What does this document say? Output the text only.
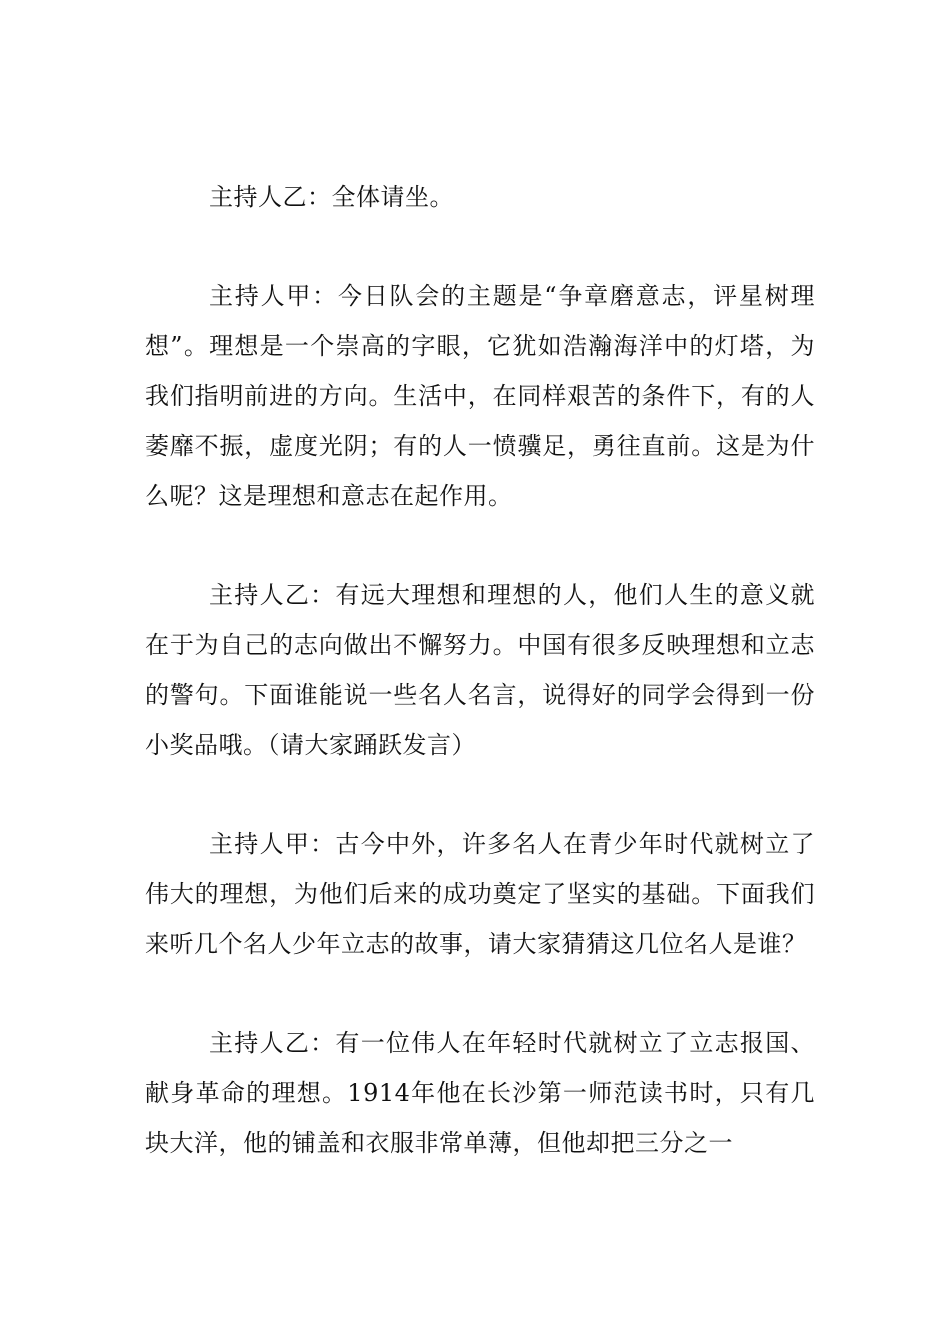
主持人乙：全体请坐。

主持人甲：今日队会的主题是“争章磨意志，评星树理想”。理想是一个崇高的字眼，它犹如浩瀚海洋中的灯塔，为我们指明前进的方向。生活中，在同样艰苦的条件下，有的人萎靡不振，虚度光阴；有的人一愤骥足，勇往直前。这是为什么呢？这是理想和意志在起作用。

主持人乙：有远大理想和理想的人，他们人生的意义就在于为自己的志向做出不懈努力。中国有很多反映理想和立志的警句。下面谁能说一些名人名言，说得好的同学会得到一份小奖品哦。（请大家踊跃发言）

主持人甲：古今中外，许多名人在青少年时代就树立了伟大的理想，为他们后来的成功奠定了坚实的基础。下面我们来听几个名人少年立志的故事，请大家猜猜这几位名人是谁？

主持人乙：有一位伟人在年轻时代就树立了立志报国、献身革命的理想。1914年他在长沙第一师范读书时，只有几块大洋，他的铺盖和衣服非常单薄，但他却把三分之一
